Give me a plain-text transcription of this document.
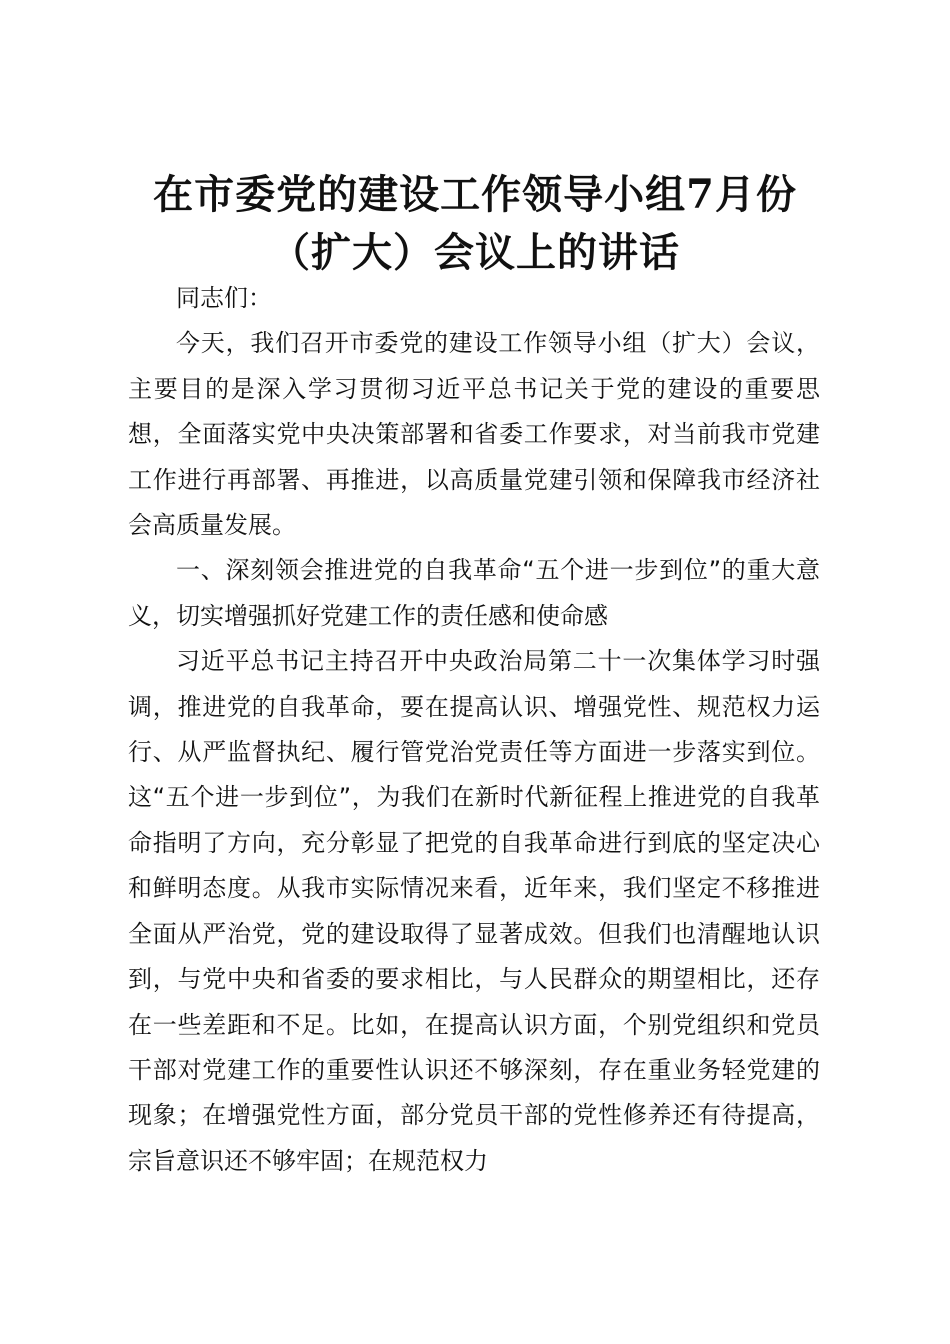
在市委党的建设工作领导小组7月份
（扩大）会议上的讲话

同志们：

今天，我们召开市委党的建设工作领导小组（扩大）会议，主要目的是深入学习贯彻习近平总书记关于党的建设的重要思想，全面落实党中央决策部署和省委工作要求，对当前我市党建工作进行再部署、再推进，以高质量党建引领和保障我市经济社会高质量发展。

一、深刻领会推进党的自我革命“五个进一步到位”的重大意义，切实增强抓好党建工作的责任感和使命感

习近平总书记主持召开中央政治局第二十一次集体学习时强调，推进党的自我革命，要在提高认识、增强党性、规范权力运行、从严监督执纪、履行管党治党责任等方面进一步落实到位。这“五个进一步到位”，为我们在新时代新征程上推进党的自我革命指明了方向，充分彰显了把党的自我革命进行到底的坚定决心和鲜明态度。从我市实际情况来看，近年来，我们坚定不移推进全面从严治党，党的建设取得了显著成效。但我们也清醒地认识到，与党中央和省委的要求相比，与人民群众的期望相比，还存在一些差距和不足。比如，在提高认识方面，个别党组织和党员干部对党建工作的重要性认识还不够深刻，存在重业务轻党建的现象；在增强党性方面，部分党员干部的党性修养还有待提高，宗旨意识还不够牢固；在规范权力
